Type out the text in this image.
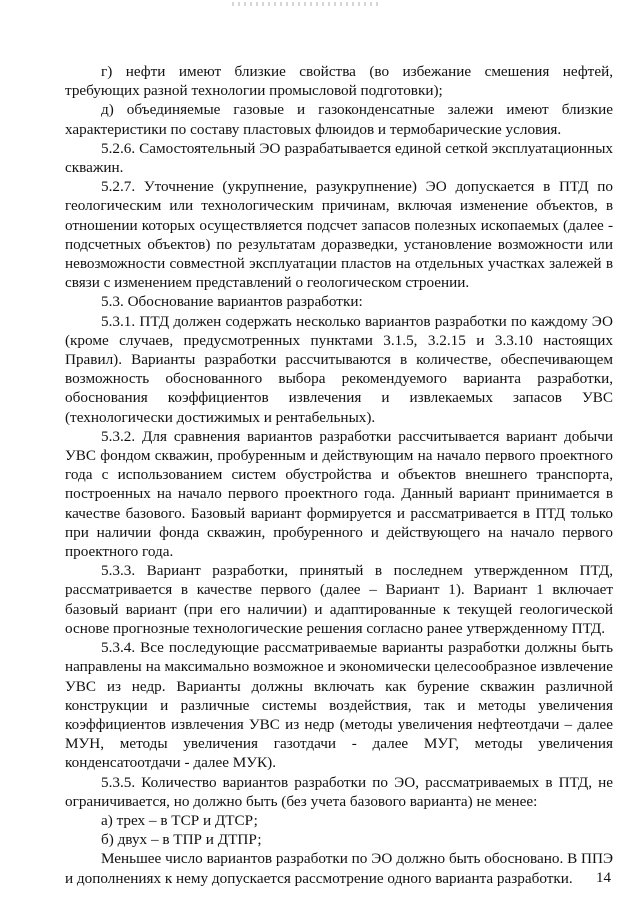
г) нефти имеют близкие свойства (во избежание смешения нефтей, требующих разной технологии промысловой подготовки);

д) объединяемые газовые и газоконденсатные залежи имеют близкие характеристики по составу пластовых флюидов и термобарические условия.

5.2.6. Самостоятельный ЭО разрабатывается единой сеткой эксплуатационных скважин.

5.2.7. Уточнение (укрупнение, разукрупнение) ЭО допускается в ПТД по геологическим или технологическим причинам, включая изменение объектов, в отношении которых осуществляется подсчет запасов полезных ископаемых (далее - подсчетных объектов) по результатам доразведки, установление возможности или невозможности совместной эксплуатации пластов на отдельных участках залежей в связи с изменением представлений о геологическом строении.

5.3. Обоснование вариантов разработки:

5.3.1. ПТД должен содержать несколько вариантов разработки по каждому ЭО (кроме случаев, предусмотренных пунктами 3.1.5, 3.2.15 и 3.3.10 настоящих Правил). Варианты разработки рассчитываются в количестве, обеспечивающем возможность обоснованного выбора рекомендуемого варианта разработки, обоснования коэффициентов извлечения и извлекаемых запасов УВС (технологически достижимых и рентабельных).

5.3.2. Для сравнения вариантов разработки рассчитывается вариант добычи УВС фондом скважин, пробуренным и действующим на начало первого проектного года с использованием систем обустройства и объектов внешнего транспорта, построенных на начало первого проектного года. Данный вариант принимается в качестве базового. Базовый вариант формируется и рассматривается в ПТД только при наличии фонда скважин, пробуренного и действующего на начало первого проектного года.

5.3.3. Вариант разработки, принятый в последнем утвержденном ПТД, рассматривается в качестве первого (далее – Вариант 1). Вариант 1 включает базовый вариант (при его наличии) и адаптированные к текущей геологической основе прогнозные технологические решения согласно ранее утвержденному ПТД.

5.3.4. Все последующие рассматриваемые варианты разработки должны быть направлены на максимально возможное и экономически целесообразное извлечение УВС из недр. Варианты должны включать как бурение скважин различной конструкции и различные системы воздействия, так и методы увеличения коэффициентов извлечения УВС из недр (методы увеличения нефтеотдачи – далее МУН, методы увеличения газотдачи - далее МУГ, методы увеличения конденсатоотдачи - далее МУК).

5.3.5. Количество вариантов разработки по ЭО, рассматриваемых в ПТД, не ограничивается, но должно быть (без учета базового варианта) не менее:

а) трех – в ТСР и ДТСР;

б) двух – в ТПР и ДТПР;

Меньшее число вариантов разработки по ЭО должно быть обосновано. В ППЭ и дополнениях к нему допускается рассмотрение одного варианта разработки.	14
